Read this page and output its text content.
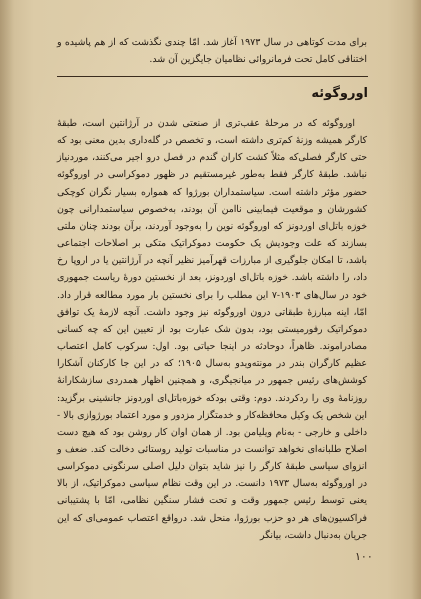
برای مدت کوتاهی در سال ۱۹۷۳ آغاز شد. امّا چندی نگذشت که از هم پاشیده و اختناقی کامل تحت فرمانروائی نظامیان جایگزین آن شد.
اوروگوئه

اوروگوئه که در مرحلهٔ عقب‌تری از صنعتی شدن در آرژانتین است، طبقهٔ کارگر همیشه وزنهٔ کم‌تری داشته است، و تخصص در گله‌داری بدین معنی بود که حتی کارگر فصلی‌که مثلاً کشت کاران گندم در فصل درو اجیر می‌کنند، موردنیاز نباشد. طبقهٔ کارگر فقط به‌طور غیرمستقیم در ظهور دموکراسی در اوروگوئه حضور مؤثر داشته است. سیاستمداران بورژوا که همواره بسیار نگران کوچکی کشورشان و موقعیت فیمابینی ناامن آن بودند، به‌خصوص سیاستمدارانی چون خوزه باتل‌ای اوردونز که اوروگوئه نوین را به‌وجود آوردند، برآن بودند چنان ملتی بسازند که علت وجودیش یک حکومت دموکراتیک متکی بر اصلاحات اجتماعی باشد، تا امکان جلوگیری از مبارزات قهرآمیز نظیر آنچه در آرژانتین یا در اروپا رخ داد، را داشته باشد. خوزه باتل‌ای اوردونز، بعد از نخستین دورهٔ ریاست جمهوری خود در سال‌های ۱۹۰۳-۷ این مطلب را برای نخستین بار مورد مطالعه قرار داد. امّا، اینه مبارزهٔ طبقاتی درون اوروگوئه نیز وجود داشت. آنچه لازمهٔ یک توافق دموکراتیک رفورمیستی بود، بدون شک عبارت بود از تعیین این که چه کسانی مصادراموند. ظاهراً، دوحادثه در اینجا حیاتی بود. اول: سرکوب کامل اعتصاب عظیم کارگران بندر در مونته‌ویدو به‌سال ۱۹۰۵؛ که در این جا کارکنان آشکارا کوشش‌های رئیس جمهور در میانجیگری، و همچنین اظهار همدردی سازشکارانهٔ روزنامهٔ وی را ردکردند. دوم: وقتی بودکه خوزه‌باتل‌ای اوردونز جانشینی برگزید: این شخص یک وکیل محافظه‌کار و خدمتگزار مزدور و مورد اعتماد بورژوازی بالا - داخلی و خارجی - به‌نام ویلیامن بود. از همان اوان کار روشن بود که هیچ دست اصلاح طلبانه‌ای نخواهد توانست در مناسبات تولید روستائی دخالت کند. ضعف و انزوای سیاسی طبقهٔ کارگر را نیز شاید بتوان دلیل اصلی سرنگونی دموکراسی در اوروگوئه به‌سال ۱۹۷۳ دانست. در این وقت نظام سیاسی دموکراتیک، از بالا یعنی توسط رئیس جمهور وقت و تحت فشار سنگین نظامی، امّا با پشتیبانی فراکسیون‌های هر دو حزب بورژوا، منحل شد. درواقع اعتصاب عمومی‌ای که این جریان به‌دنبال داشت، بیانگر

۱۰۰
